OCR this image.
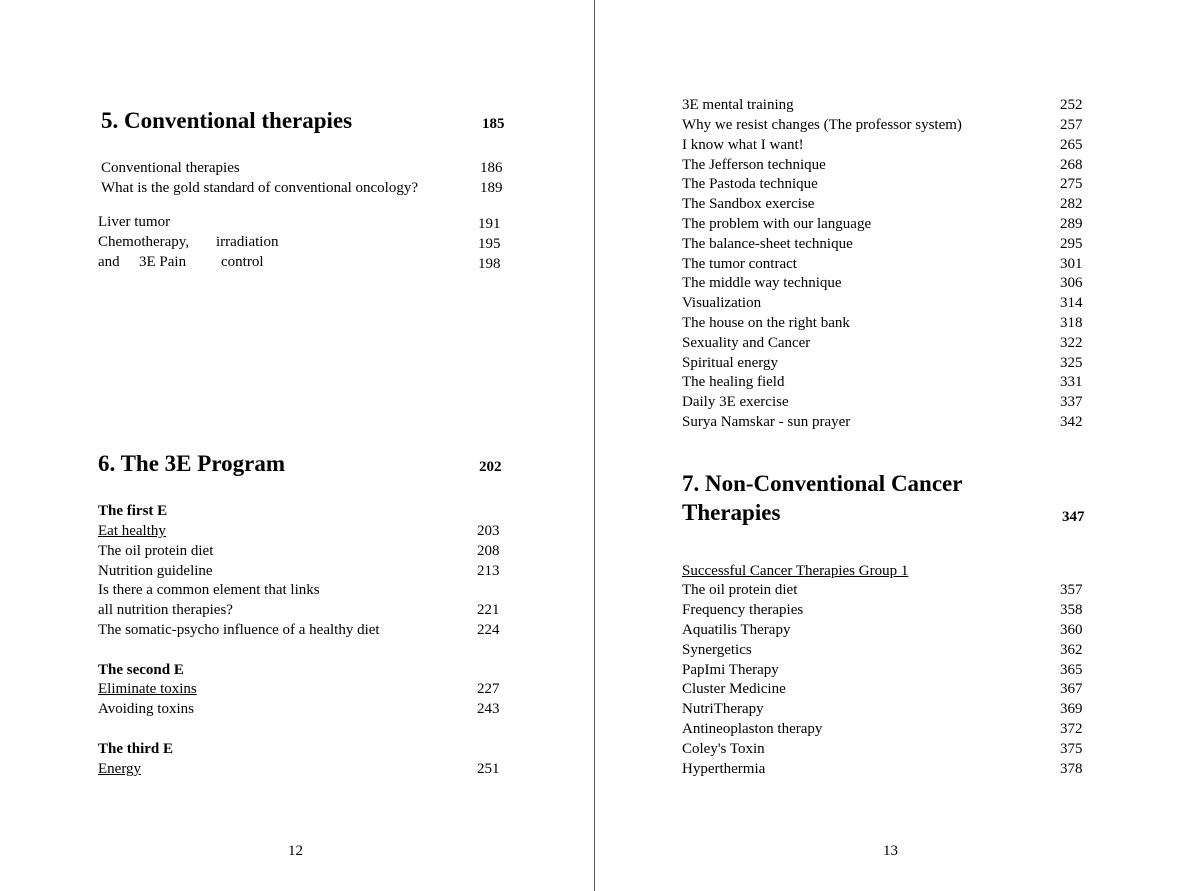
5. Conventional therapies	185
Conventional therapies	186
What is the gold standard of conventional oncology?	189
Liver tumor	191
Chemotherapy, irradiation	195
and 3E Pain control	198
6. The 3E Program	202
The first E
Eat healthy	203
The oil protein diet	208
Nutrition guideline	213
Is there a common element that links
all nutrition therapies?	221
The somatic-psycho influence of a healthy diet	224
The second E
Eliminate toxins	227
Avoiding toxins	243
The third E
Energy	251
12
3E mental training	252
Why we resist changes (The professor system)	257
I know what I want!	265
The Jefferson technique	268
The Pastoda technique	275
The Sandbox exercise	282
The problem with our language	289
The balance-sheet technique	295
The tumor contract	301
The middle way technique	306
Visualization	314
The house on the right bank	318
Sexuality and Cancer	322
Spiritual energy	325
The healing field	331
Daily 3E exercise	337
Surya Namskar - sun prayer	342
7. Non-Conventional Cancer
Therapies	347
Successful Cancer Therapies Group 1
The oil protein diet	357
Frequency therapies	358
Aquatilis Therapy	360
Synergetics	362
PapImi Therapy	365
Cluster Medicine	367
NutriTherapy	369
Antineoplaston therapy	372
Coley's Toxin	375
Hyperthermia	378
13
